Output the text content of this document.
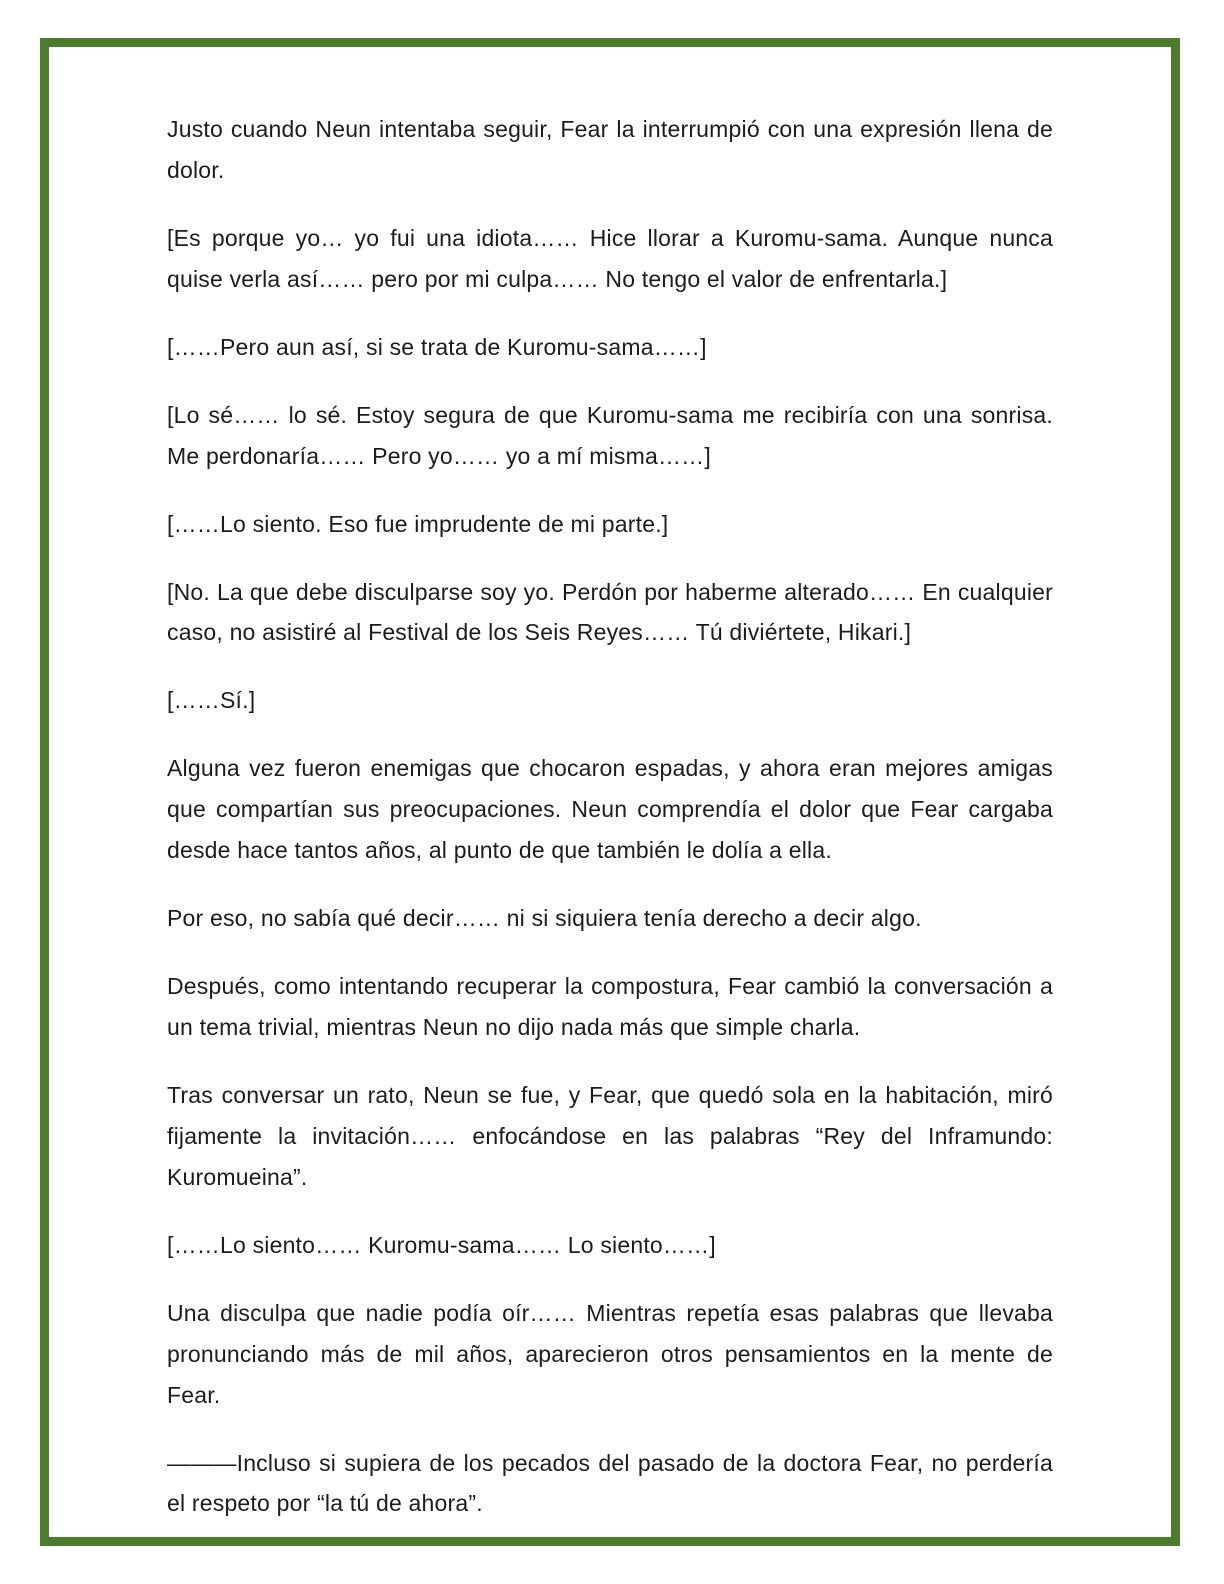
Justo cuando Neun intentaba seguir, Fear la interrumpió con una expresión llena de dolor.

[Es porque yo… yo fui una idiota…… Hice llorar a Kuromu-sama. Aunque nunca quise verla así…… pero por mi culpa…… No tengo el valor de enfrentarla.]

[……Pero aun así, si se trata de Kuromu-sama……]

[Lo sé…… lo sé. Estoy segura de que Kuromu-sama me recibiría con una sonrisa. Me perdonaría…… Pero yo…… yo a mí misma……]

[……Lo siento. Eso fue imprudente de mi parte.]

[No. La que debe disculparse soy yo. Perdón por haberme alterado…… En cualquier caso, no asistiré al Festival de los Seis Reyes…… Tú diviértete, Hikari.]

[……Sí.]

Alguna vez fueron enemigas que chocaron espadas, y ahora eran mejores amigas que compartían sus preocupaciones. Neun comprendía el dolor que Fear cargaba desde hace tantos años, al punto de que también le dolía a ella.

Por eso, no sabía qué decir…… ni si siquiera tenía derecho a decir algo.

Después, como intentando recuperar la compostura, Fear cambió la conversación a un tema trivial, mientras Neun no dijo nada más que simple charla.

Tras conversar un rato, Neun se fue, y Fear, que quedó sola en la habitación, miró fijamente la invitación…… enfocándose en las palabras “Rey del Inframundo: Kuromueina”.

[……Lo siento…… Kuromu-sama…… Lo siento……]

Una disculpa que nadie podía oír…… Mientras repetía esas palabras que llevaba pronunciando más de mil años, aparecieron otros pensamientos en la mente de Fear.

———Incluso si supiera de los pecados del pasado de la doctora Fear, no perdería el respeto por “la tú de ahora”.
